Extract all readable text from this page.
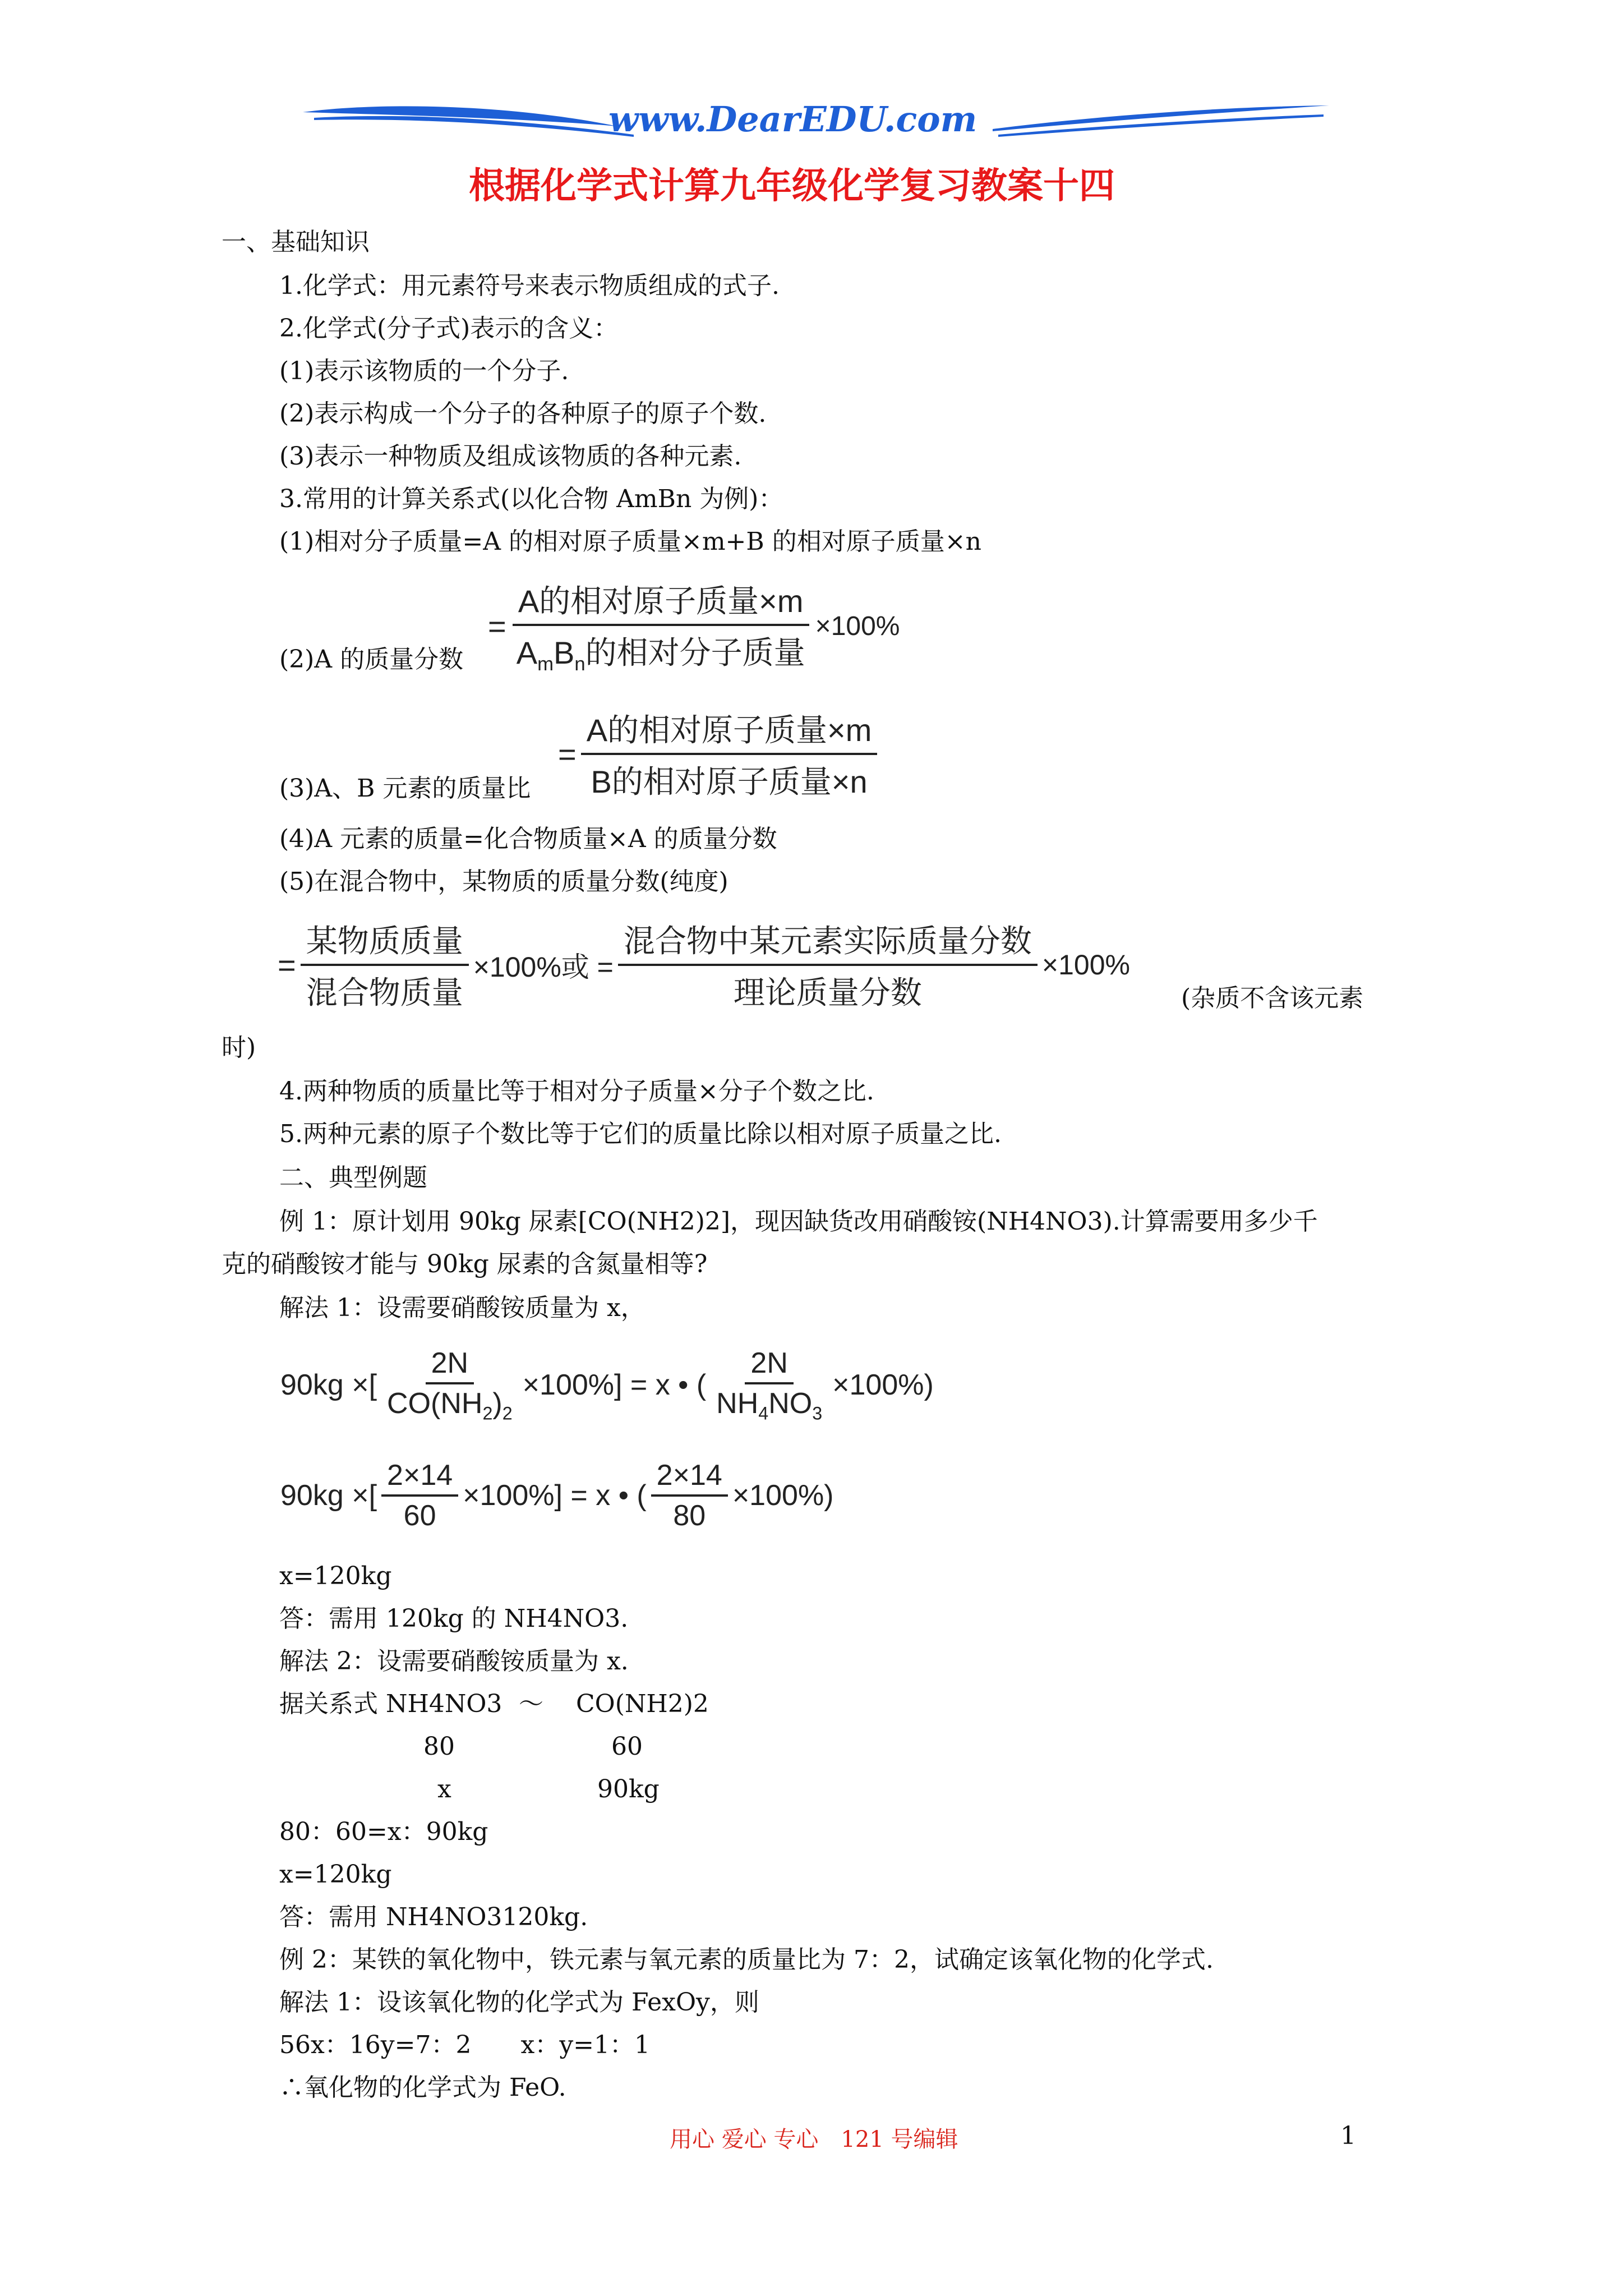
www.DearEDU.com
根据化学式计算九年级化学复习教案十四
一、基础知识
1.化学式：用元素符号来表示物质组成的式子.
2.化学式(分子式)表示的含义：
(1)表示该物质的一个分子.
(2)表示构成一个分子的各种原子的原子个数.
(3)表示一种物质及组成该物质的各种元素.
3.常用的计算关系式(以化合物 AmBn 为例)：
(1)相对分子质量=A 的相对原子质量×m+B 的相对原子质量×n
= $\frac{\text{A的相对原子质量×m}}{A_mB_n的相对分子质量} \times 100\%$
(2)A 的质量分数
= $\frac{\text{A的相对原子质量×m}}{\text{B的相对原子质量×n}}$
(3)A、B 元素的质量比
(4)A 元素的质量=化合物质量×A 的质量分数
(5)在混合物中，某物质的质量分数(纯度)
= $\frac{\text{某物质质量}}{\text{混合物质量}} \times 100\%$或 = $\frac{\text{混合物中某元素实际质量分数}}{\text{理论质量分数}} \times 100\%$
(杂质不含该元素
时)
4.两种物质的质量比等于相对分子质量×分子个数之比.
5.两种元素的原子个数比等于它们的质量比除以相对原子质量之比.
二、典型例题
例 1：原计划用 90kg 尿素[CO(NH2)2]，现因缺货改用硝酸铵(NH4NO3).计算需要用多少千
克的硝酸铵才能与 90kg 尿素的含氮量相等?
解法 1：设需要硝酸铵质量为 x，
90kg ×[ $\frac{2N}{CO(NH_2)_2} \times 100\%] = x$ • ( $\frac{2N}{NH_4NO_3} \times 100\%$)
90kg ×[ $\frac{2\times 14}{60} \times 100\%] = x$ • ( $\frac{2\times 14}{80} \times 100\%$)
x=120kg
答：需用 120kg 的 NH4NO3.
解法 2：设需要硝酸铵质量为 x.
据关系式 NH4NO3 ～ CO(NH2)2
80	60
x	90kg
80：60=x：90kg
x=120kg
答：需用 NH4NO3120kg.
例 2：某铁的氧化物中，铁元素与氧元素的质量比为 7：2，试确定该氧化物的化学式.
解法 1：设该氧化物的化学式为 FexOy，则
56x：16y=7：2　　x：y=1：1
∴氧化物的化学式为 FeO.
用心 爱心 专心　121 号编辑	1
